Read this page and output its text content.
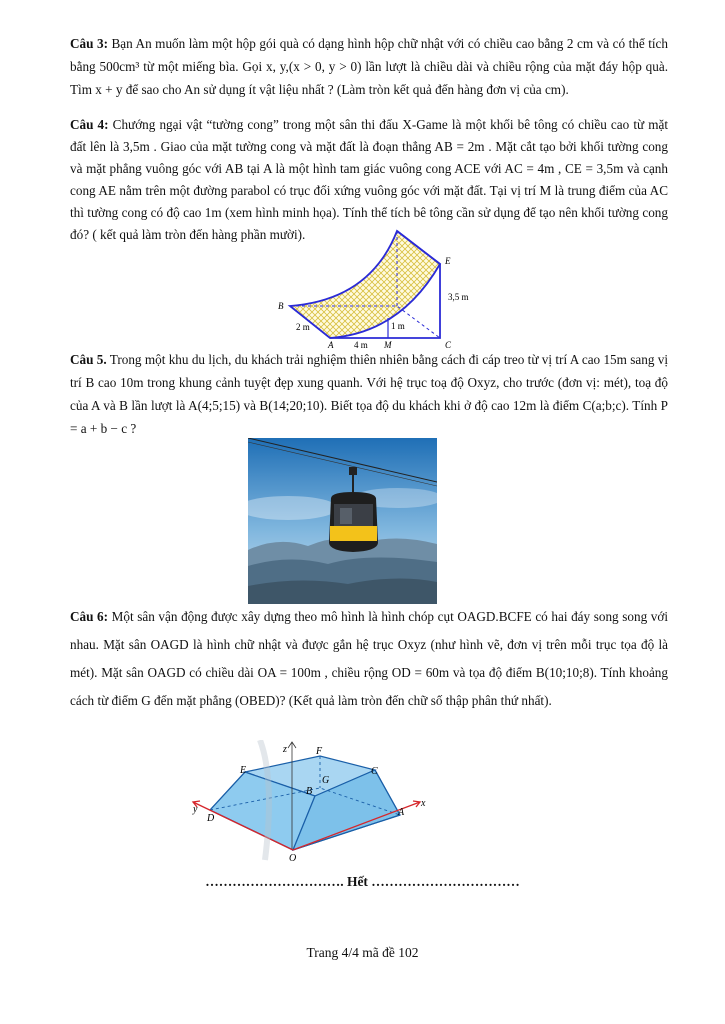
Câu 3: Bạn An muốn làm một hộp gói quà có dạng hình hộp chữ nhật với có chiều cao bằng 2 cm và có thể tích bằng 500cm³ từ một miếng bìa. Gọi x, y,(x > 0, y > 0) lần lượt là chiều dài và chiều rộng của mặt đáy hộp quà. Tìm x + y để sao cho An sử dụng ít vật liệu nhất ? (Làm tròn kết quả đến hàng đơn vị của cm).

Câu 4: Chướng ngại vật “tường cong” trong một sân thi đấu X-Game là một khối bê tông có chiều cao từ mặt đất lên là 3,5m . Giao của mặt tường cong và mặt đất là đoạn thẳng AB = 2m . Mặt cắt tạo bởi khối tường cong và mặt phẳng vuông góc với AB tại A là một hình tam giác vuông cong ACE với AC = 4m , CE = 3,5m và cạnh cong AE nằm trên một đường parabol có trục đối xứng vuông góc với mặt đất. Tại vị trí M là trung điểm của AC thì tường cong có độ cao 1m (xem hình minh họa). Tính thể tích bê tông cần sử dụng để tạo nên khối tường cong đó? ( kết quả làm tròn đến hàng phần mười).

B
E
A	M	C
2 m
4 m
1 m
3,5 m

Câu 5. Trong một khu du lịch, du khách trải nghiệm thiên nhiên bằng cách đi cáp treo từ vị trí A cao 15m sang vị trí B cao 10m trong khung cảnh tuyệt đẹp xung quanh. Với hệ trục toạ độ Oxyz, cho trước (đơn vị: mét), toạ độ của A và B lần lượt là A(4;5;15) và B(14;20;10). Biết tọa độ du khách khi ở độ cao 12m là điểm C(a;b;c). Tính P = a + b − c ?

Câu 6: Một sân vận động được xây dựng theo mô hình là hình chóp cụt OAGD.BCFE có hai đáy song song với nhau. Mặt sân OAGD là hình chữ nhật và được gắn hệ trục Oxyz (như hình vẽ, đơn vị trên mỗi trục tọa độ là mét). Mặt sân OAGD có chiều dài OA = 100m , chiều rộng OD = 60m và tọa độ điểm B(10;10;8). Tính khoảng cách từ điểm G đến mặt phẳng (OBED)? (Kết quả làm tròn đến chữ số thập phân thứ nhất).

z	F
E
G
C
B
y
D
A
x
O
…………………………. Hết ……………………………
Trang 4/4 mã đề 102
